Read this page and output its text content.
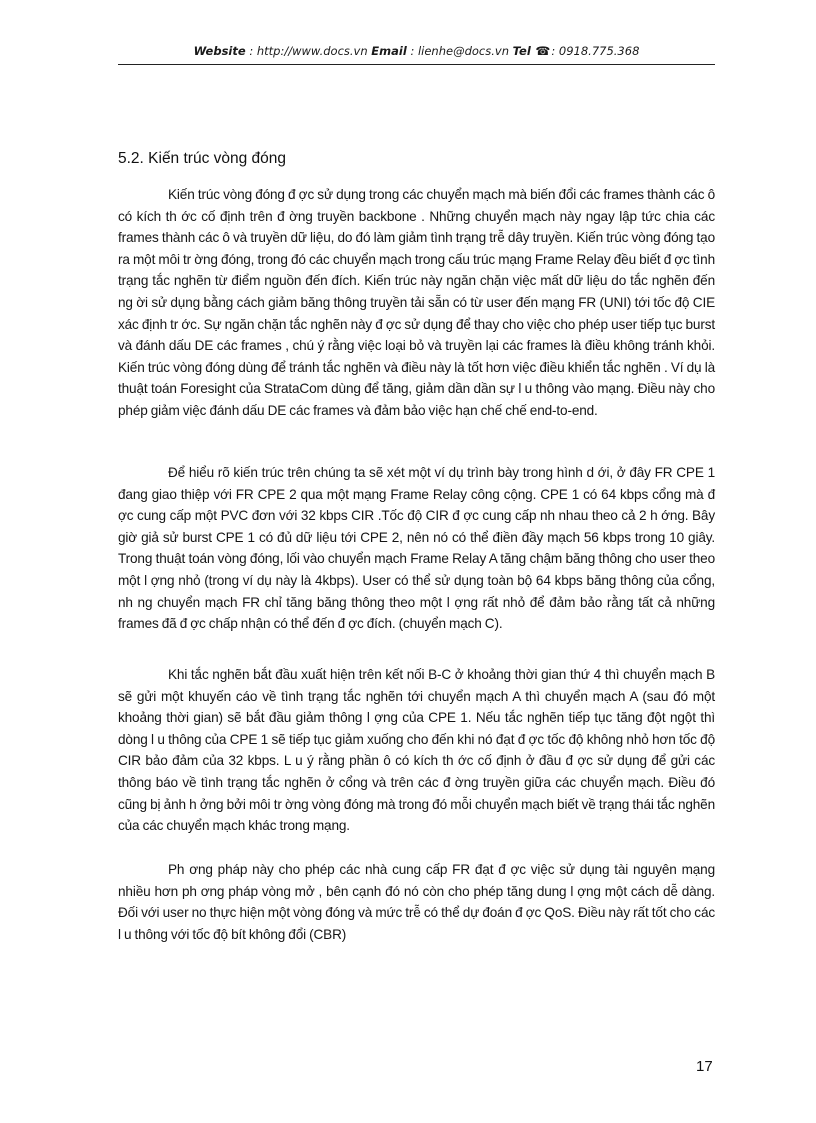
Website : http://www.docs.vn Email : lienhe@docs.vn Tel ☎: 0918.775.368
5.2. Kiến trúc vòng đóng
Kiến trúc vòng đóng đ ợc sử dụng trong các chuyển mạch mà biến đổi các frames thành các ô có kích th ớc cố định trên đ ờng truyền backbone . Những chuyển mạch này ngay lập tức chia các frames thành các ô và truyền dữ liệu, do đó làm giảm tình trạng trễ dây truyền. Kiến trúc vòng đóng tạo ra một môi tr ờng đóng, trong đó các chuyển mạch trong cấu trúc mạng Frame Relay đều biết đ ợc tình trạng tắc nghẽn từ điểm nguồn đến đích. Kiến trúc này ngăn chặn việc mất dữ liệu do tắc nghẽn đến ng ời sử dụng bằng cách giảm băng thông truyền tải sẵn có từ user đến mạng FR (UNI) tới tốc độ CIE xác định tr ớc. Sự ngăn chặn tắc nghẽn này đ ợc sử dụng để thay cho việc cho phép user tiếp tục burst và đánh dấu DE các frames , chú ý rằng việc loại bỏ và truyền lại các frames là điều không tránh khỏi. Kiến trúc vòng đóng dùng để tránh tắc nghẽn và điều này là tốt hơn việc điều khiển tắc nghẽn . Ví dụ là thuật toán Foresight của StrataCom dùng để tăng, giảm dần dần sự l u thông vào mạng. Điều này cho phép giảm việc đánh dấu DE các frames và đảm bảo việc hạn chế chế end-to-end.
Để hiểu rõ kiến trúc trên chúng ta sẽ xét một ví dụ trình bày trong hình d ới, ở đây FR CPE 1 đang giao thiệp với FR CPE 2 qua một mạng Frame Relay công cộng. CPE 1 có 64 kbps cổng mà đ ợc cung cấp một PVC đơn với 32 kbps CIR .Tốc độ CIR đ ợc cung cấp nh nhau theo cả 2 h ớng. Bây giờ giả sử burst CPE 1 có đủ dữ liệu tới CPE 2, nên nó có thể điền đầy mạch 56 kbps trong 10 giây. Trong thuật toán vòng đóng, lối vào chuyển mạch Frame Relay A tăng chậm băng thông cho user theo một l ợng nhỏ (trong ví dụ này là 4kbps). User có thể sử dụng toàn bộ 64 kbps băng thông của cổng, nh ng chuyển mạch FR chỉ tăng băng thông theo một l ợng rất nhỏ để đảm bảo rằng tất cả những frames đã đ ợc chấp nhận có thể đến đ ợc đích. (chuyển mạch C).
Khi tắc nghẽn bắt đầu xuất hiện trên kết nối B-C ở khoảng thời gian thứ 4 thì chuyển mạch B sẽ gửi một khuyến cáo về tình trạng tắc nghẽn tới chuyển mạch A thì chuyển mạch A (sau đó một khoảng thời gian) sẽ bắt đầu giảm thông l ợng của CPE 1. Nếu tắc nghẽn tiếp tục tăng đột ngột thì dòng l u thông của CPE 1 sẽ tiếp tục giảm xuống cho đến khi nó đạt đ ợc tốc độ không nhỏ hơn tốc độ CIR bảo đảm của 32 kbps. L u ý rằng phần ô có kích th ớc cố định ở đầu đ ợc sử dụng để gửi các thông báo về tình trạng tắc nghẽn ở cổng và trên các đ ờng truyền giữa các chuyển mạch. Điều đó cũng bị ảnh h ởng bởi môi tr ờng vòng đóng mà trong đó mỗi chuyển mạch biết về trạng thái tắc nghẽn của các chuyển mạch khác trong mạng.
Ph ơng pháp này cho phép các nhà cung cấp FR đạt đ ợc việc sử dụng tài nguyên mạng nhiều hơn ph ơng pháp vòng mở , bên cạnh đó nó còn cho phép tăng dung l ợng một cách dễ dàng. Đối với user no thực hiện một vòng đóng và mức trễ có thể dự đoán đ ợc QoS. Điều này rất tốt cho các l u thông với tốc độ bít không đổi (CBR)
17
